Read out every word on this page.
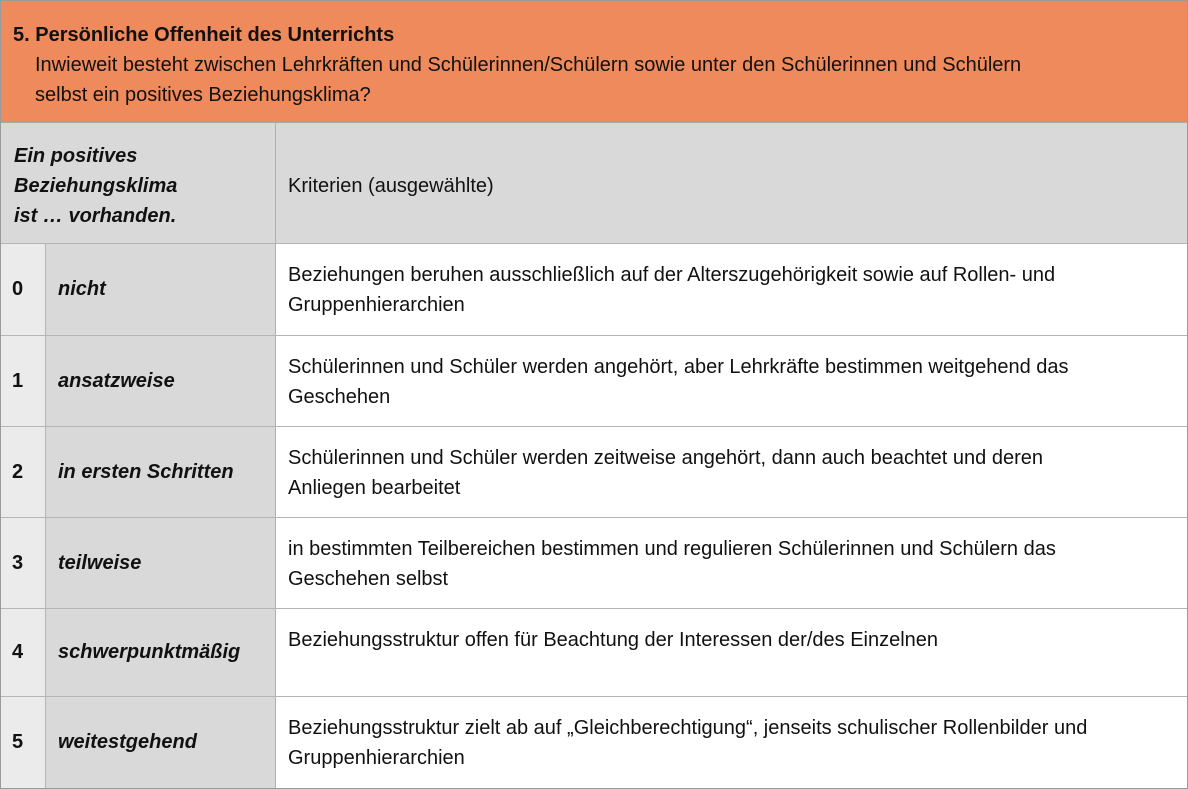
5. Persönliche Offenheit des Unterrichts
Inwieweit besteht zwischen Lehrkräften und Schülerinnen/Schülern sowie unter den Schülerinnen und Schülern
selbst ein positives Beziehungsklima?
Ein positives
Beziehungsklima
ist … vorhanden.
Kriterien (ausgewählte)
0	nicht
Beziehungen beruhen ausschließlich auf der Alterszugehörigkeit sowie auf Rollen- und
Gruppenhierarchien
1	ansatzweise
Schülerinnen und Schüler werden angehört, aber Lehrkräfte bestimmen weitgehend das
Geschehen
2	in ersten Schritten
Schülerinnen und Schüler werden zeitweise angehört, dann auch beachtet und deren
Anliegen bearbeitet
3	teilweise
in bestimmten Teilbereichen bestimmen und regulieren Schülerinnen und Schülern das
Geschehen selbst
4	schwerpunktmäßig
Beziehungsstruktur offen für Beachtung der Interessen der/des Einzelnen
5	weitestgehend
Beziehungsstruktur zielt ab auf „Gleichberechtigung“, jenseits schulischer Rollenbilder und
Gruppenhierarchien
